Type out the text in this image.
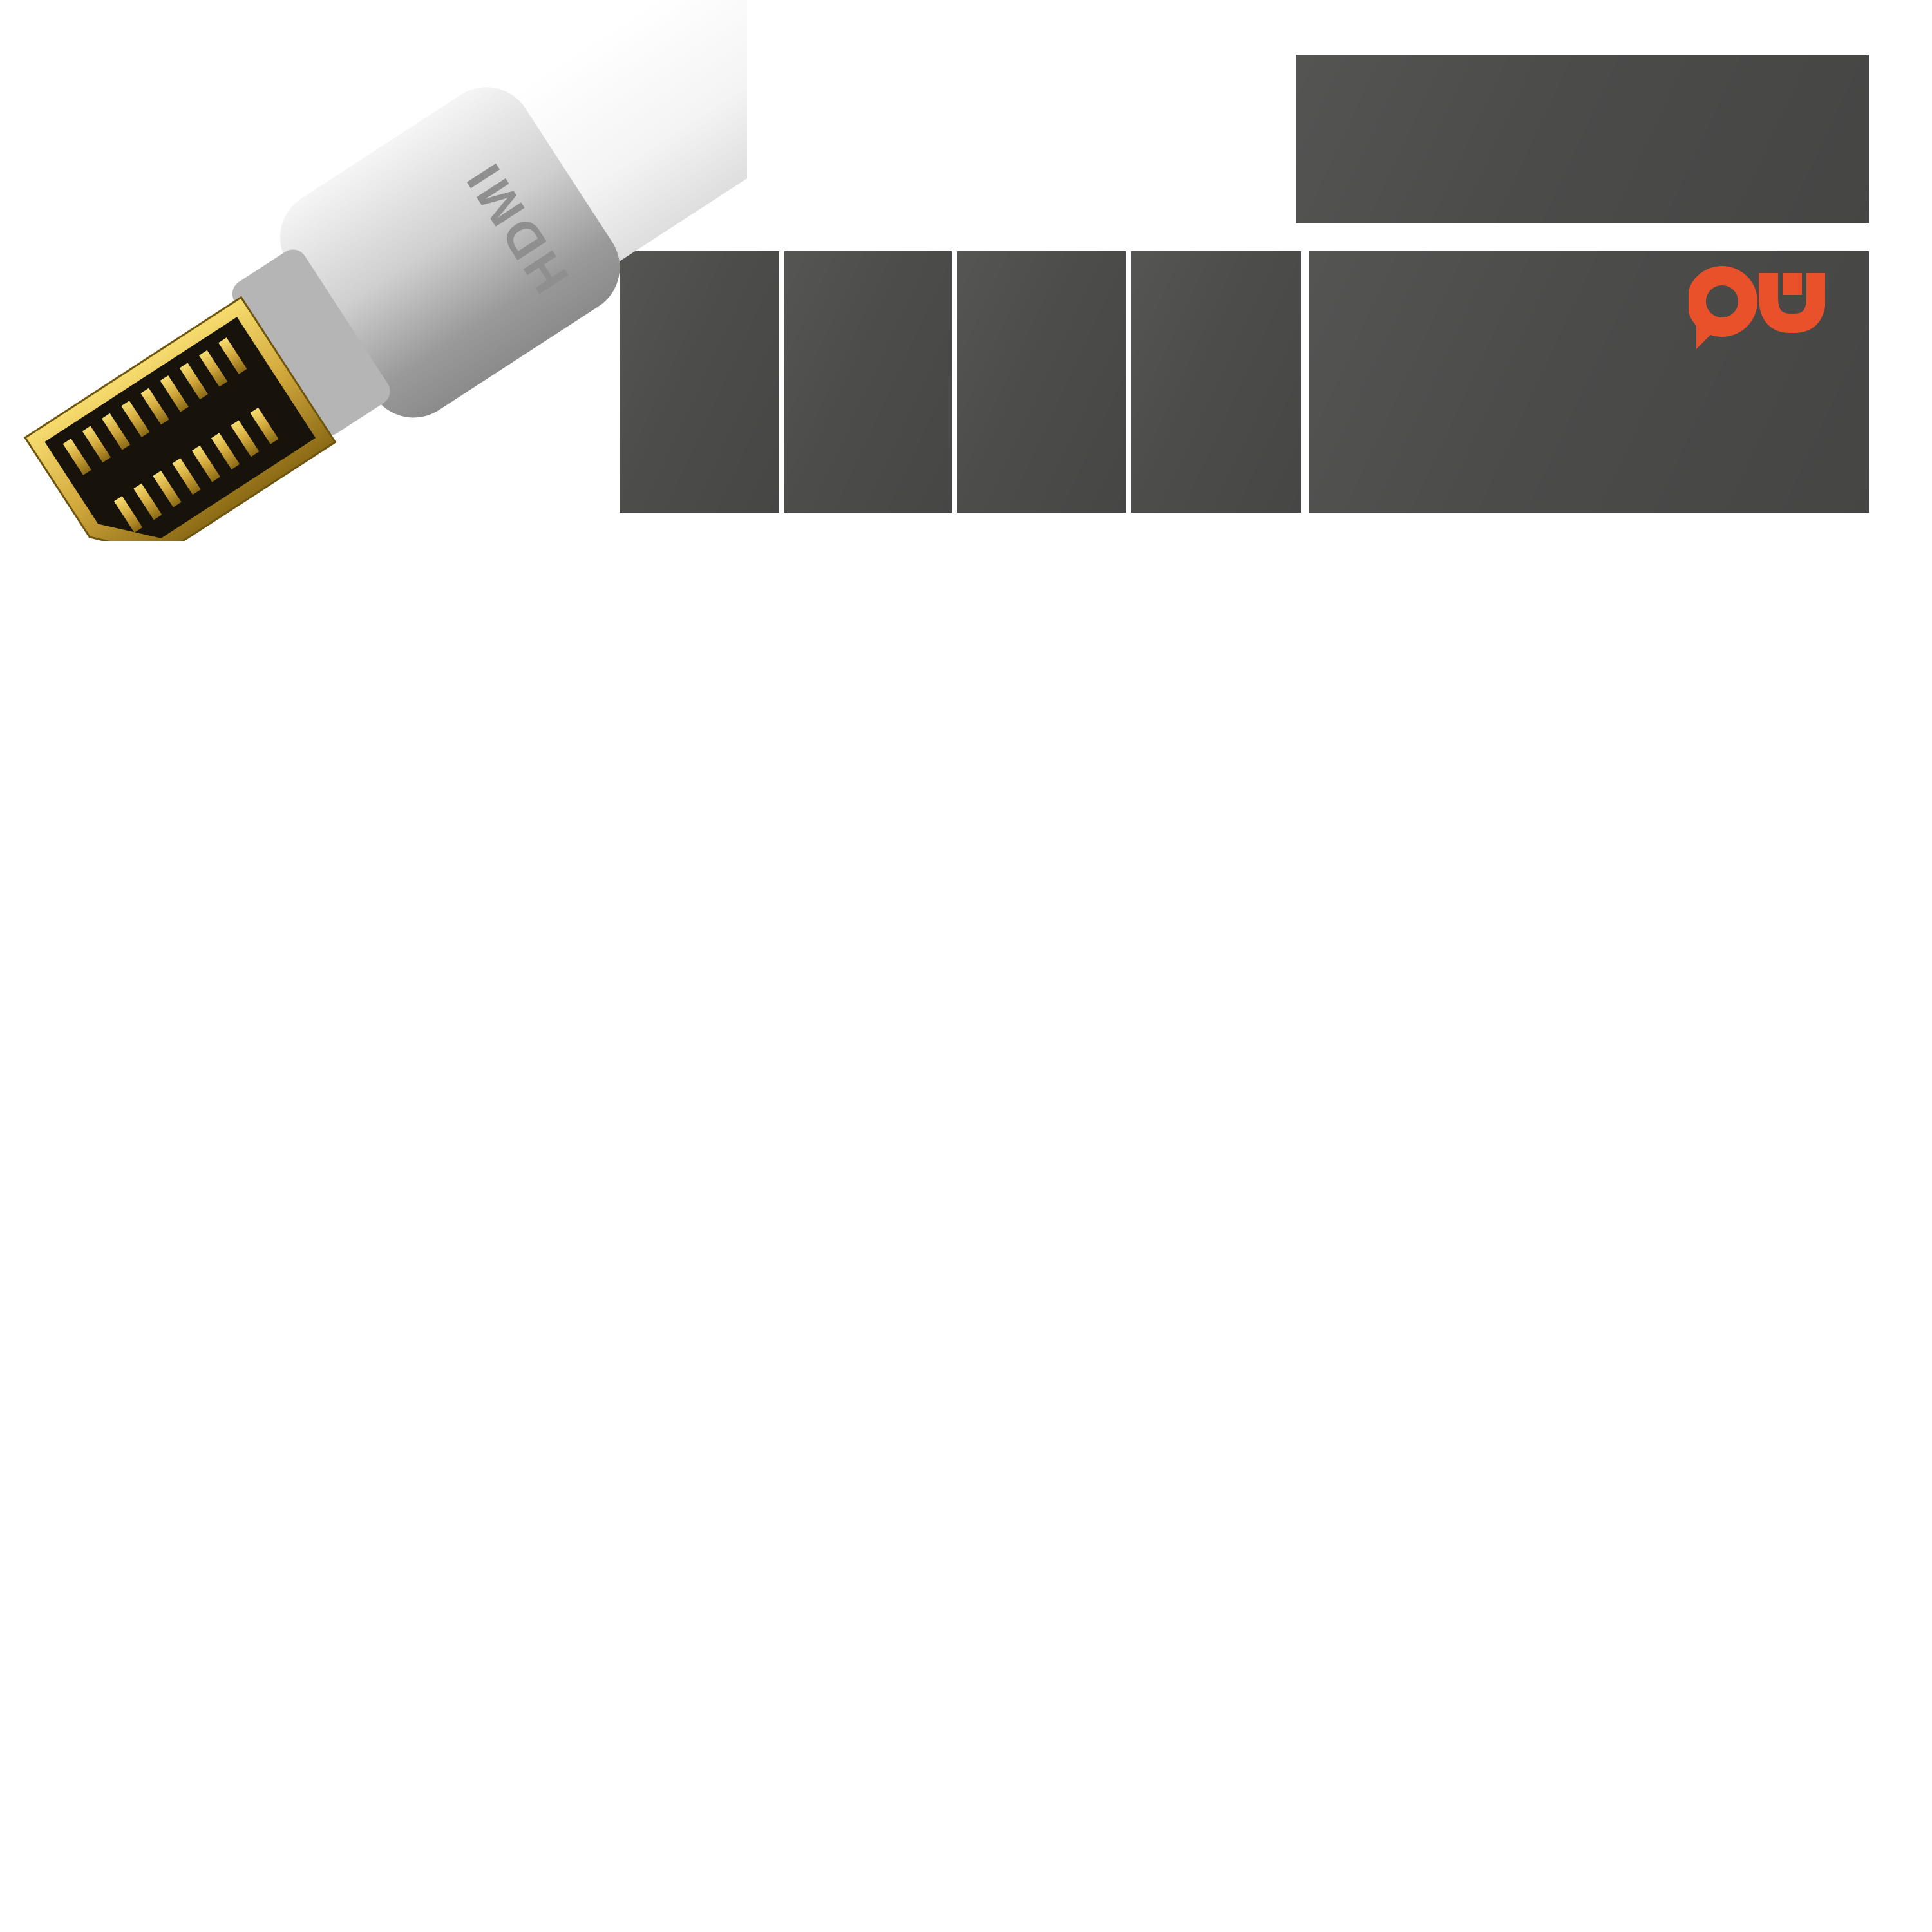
HDMI
